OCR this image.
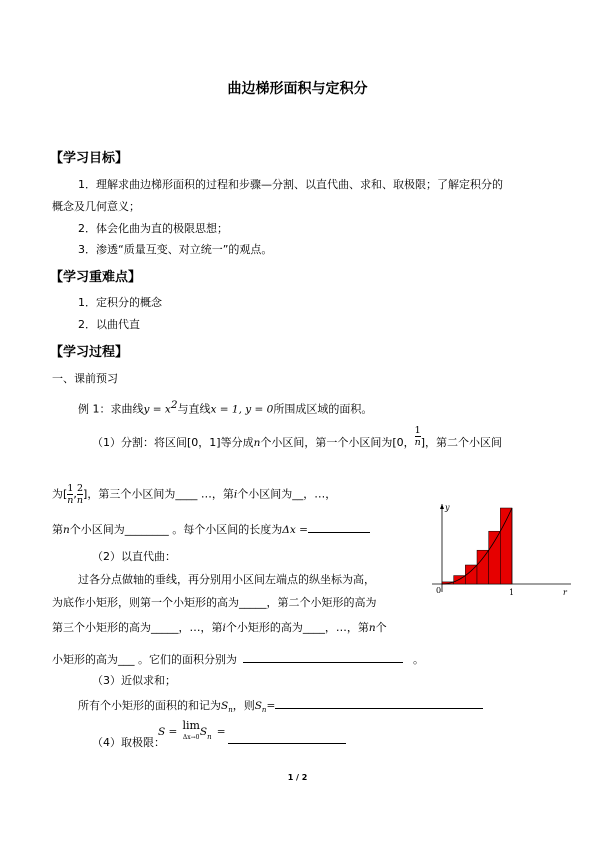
曲边梯形面积与定积分
【学习目标】
1．理解求曲边梯形面积的过程和步骤—分割、以直代曲、求和、取极限；了解定积分的
概念及几何意义；
2．体会化曲为直的极限思想；
3．渗透“质量互变、对立统一”的观点。
【学习重难点】
1．定积分的概念
2．以曲代直
【学习过程】
一、课前预习
例 1：求曲线$y = x^2$与直线x = 1, y = 0所围成区域的面积。
（1）分割：将区间[0，1]等分成n个小区间，第一个小区间为[0， $\frac{1}{n}$ ]，第二个小区间
为[ $\frac{1}{n}$ , $\frac{2}{n}$ ]，第三个小区间为____ …，第i个小区间为__，…，
第n个小区间为________ 。每个小区间的长度为Δx =
（2）以直代曲：
过各分点做轴的垂线，再分别用小区间左端点的纵坐标为高，
为底作小矩形，则第一个小矩形的高为_____，第二个小矩形的高为
第三个小矩形的高为_____，…，第i个小矩形的高为____，…，第n个
小矩形的高为___ 。它们的面积分别为	。
（3）近似求和；
所有个小矩形的面积的和记为$S_n$，则$S_n=$
（4）取极限：
S = lim
Δx→0 $S_n$ =
y
r
0	1
1 / 2
